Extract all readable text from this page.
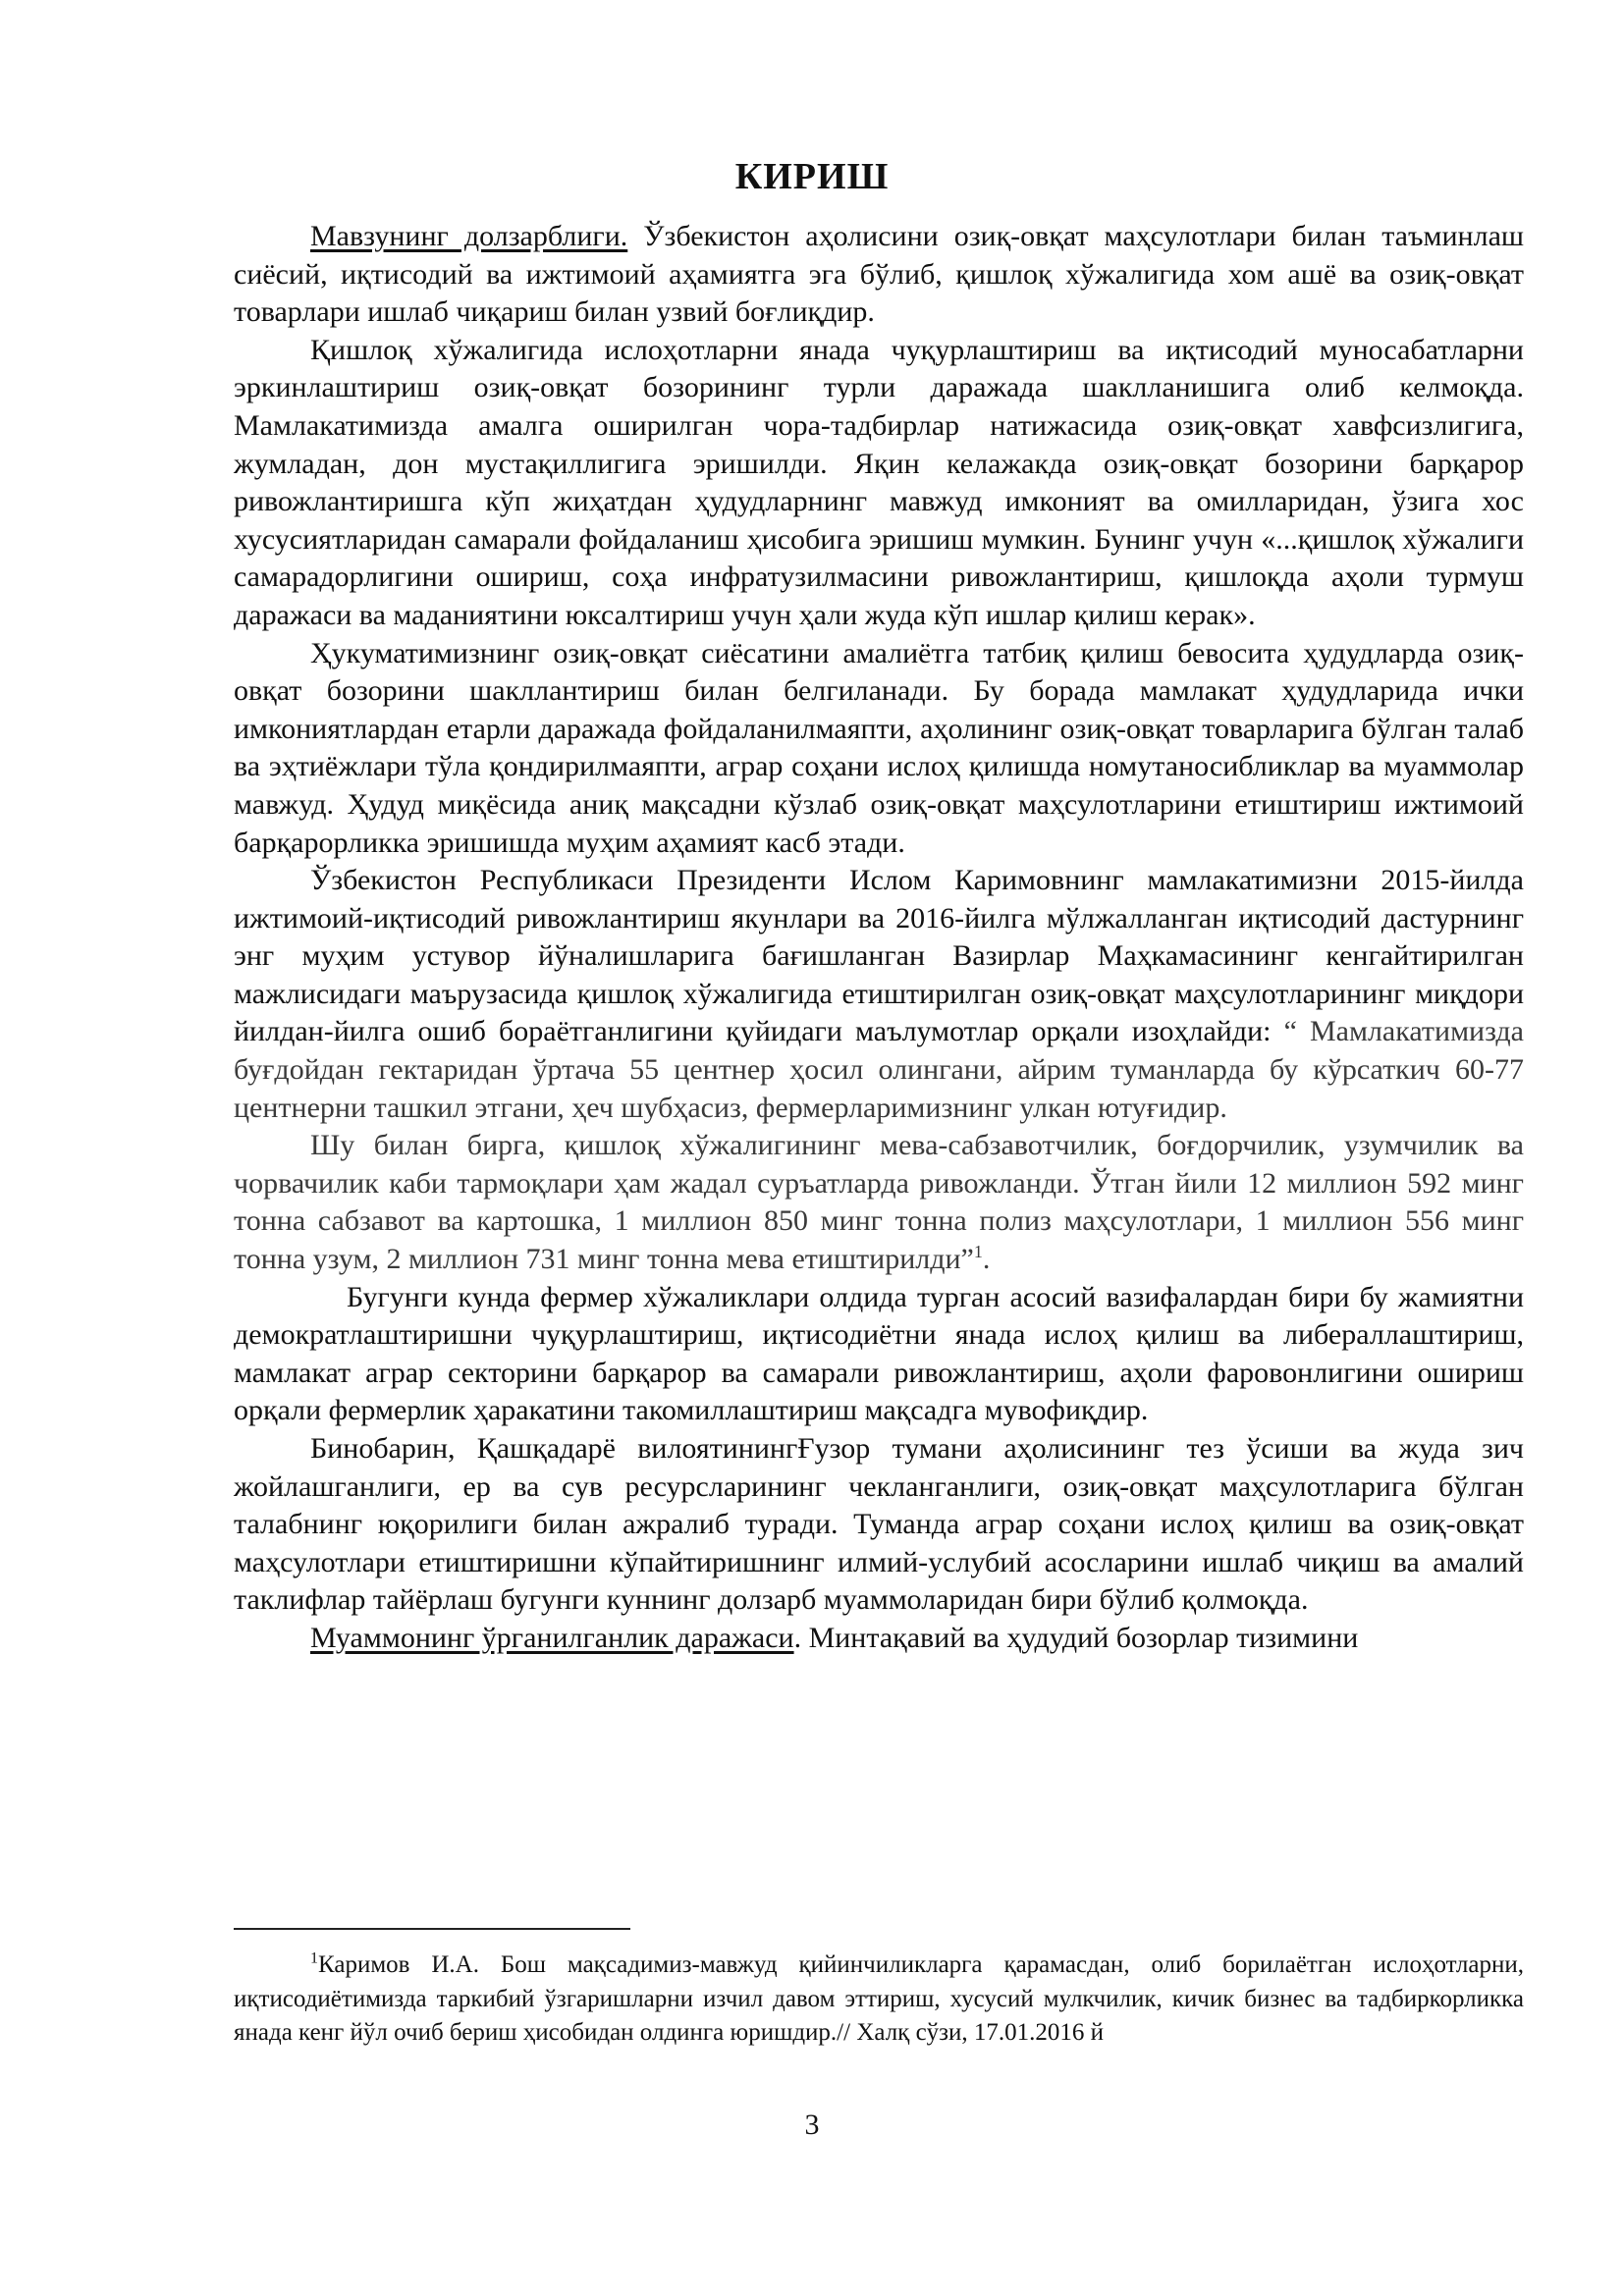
КИРИШ

Мавзунинг долзарблиги. Ўзбекистон аҳолисини озиқ-овқат маҳсулотлари билан таъминлаш сиёсий, иқтисодий ва ижтимоий аҳамиятга эга бўлиб, қишлоқ хўжалигида хом ашё ва озиқ-овқат товарлари ишлаб чиқариш билан узвий боғлиқдир.

Қишлоқ хўжалигида ислоҳотларни янада чуқурлаштириш ва иқтисодий муносабатларни эркинлаштириш озиқ-овқат бозорининг турли даражада шаклланишига олиб келмоқда. Мамлакатимизда амалга оширилган чора-тадбирлар натижасида озиқ-овқат хавфсизлигига, жумладан, дон мустақиллигига эришилди. Яқин келажакда озиқ-овқат бозорини барқарор ривожлантиришга кўп жиҳатдан ҳудудларнинг мавжуд имконият ва омилларидан, ўзига хос хусусиятларидан самарали фойдаланиш ҳисобига эришиш мумкин. Бунинг учун «...қишлоқ хўжалиги самарадорлигини ошириш, соҳа инфратузилмасини ривожлантириш, қишлоқда аҳоли турмуш даражаси ва маданиятини юксалтириш учун ҳали жуда кўп ишлар қилиш керак».

Ҳукуматимизнинг озиқ-овқат сиёсатини амалиётга татбиқ қилиш бевосита ҳудудларда озиқ-овқат бозорини шакллантириш билан белгиланади. Бу борада мамлакат ҳудудларида ички имкониятлардан етарли даражада фойдаланилмаяпти, аҳолининг озиқ-овқат товарларига бўлган талаб ва эҳтиёжлари тўла қондирилмаяпти, аграр соҳани ислоҳ қилишда номутаносибликлар ва муаммолар мавжуд. Ҳудуд миқёсида аниқ мақсадни кўзлаб озиқ-овқат маҳсулотларини етиштириш ижтимоий барқарорликка эришишда муҳим аҳамият касб этади.

Ўзбекистон Республикаси Президенти Ислом Каримовнинг мамлакатимизни 2015-йилда ижтимоий-иқтисодий ривожлантириш якунлари ва 2016-йилга мўлжалланган иқтисодий дастурнинг энг муҳим устувор йўналишларига бағишланган Вазирлар Маҳкамасининг кенгайтирилган мажлисидаги маърузасида қишлоқ хўжалигида етиштирилган озиқ-овқат маҳсулотларининг миқдори йилдан-йилга ошиб бораётганлигини қуйидаги маълумотлар орқали изоҳлайди: “ Мамлакатимизда буғдойдан гектаридан ўртача 55 центнер ҳосил олингани, айрим туманларда бу кўрсаткич 60-77 центнерни ташкил этгани, ҳеч шубҳасиз, фермерларимизнинг улкан ютуғидир.

Шу билан бирга, қишлоқ хўжалигининг мева-сабзавотчилик, боғдорчилик, узумчилик ва чорвачилик каби тармоқлари ҳам жадал суръатларда ривожланди. Ўтган йили 12 миллион 592 минг тонна сабзавот ва картошка, 1 миллион 850 минг тонна полиз маҳсулотлари, 1 миллион 556 минг тонна узум, 2 миллион 731 минг тонна мева етиштирилди”$^1$.

Бугунги кунда фермер хўжаликлари олдида турган асосий вазифалардан бири бу жамиятни демократлаштиришни чуқурлаштириш, иқтисодиётни янада ислоҳ қилиш ва либераллаштириш, мамлакат аграр секторини барқарор ва самарали ривожлантириш, аҳоли фаровонлигини ошириш орқали фермерлик ҳаракатини такомиллаштириш мақсадга мувофиқдир.

Бинобарин, Қашқадарё вилоятинингҒузор тумани аҳолисининг тез ўсиши ва жуда зич жойлашганлиги, ер ва сув ресурсларининг чекланганлиги, озиқ-овқат маҳсулотларига бўлган талабнинг юқорилиги билан ажралиб туради. Туманда аграр соҳани ислоҳ қилиш ва озиқ-овқат маҳсулотлари етиштиришни кўпайтиришнинг илмий-услубий асосларини ишлаб чиқиш ва амалий таклифлар тайёрлаш бугунги куннинг долзарб муаммоларидан бири бўлиб қолмоқда.

Муаммонинг ўрганилганлик даражаси. Минтақавий ва ҳудудий бозорлар тизимини

$^1$Каримов И.А. Бош мақсадимиз-мавжуд қийинчиликларга қарамасдан, олиб борилаётган ислоҳотларни, иқтисодиётимизда таркибий ўзгаришларни изчил давом эттириш, хусусий мулкчилик, кичик бизнес ва тадбиркорликка янада кенг йўл очиб бериш ҳисобидан олдинга юришдир.// Халқ сўзи, 17.01.2016 й

3
